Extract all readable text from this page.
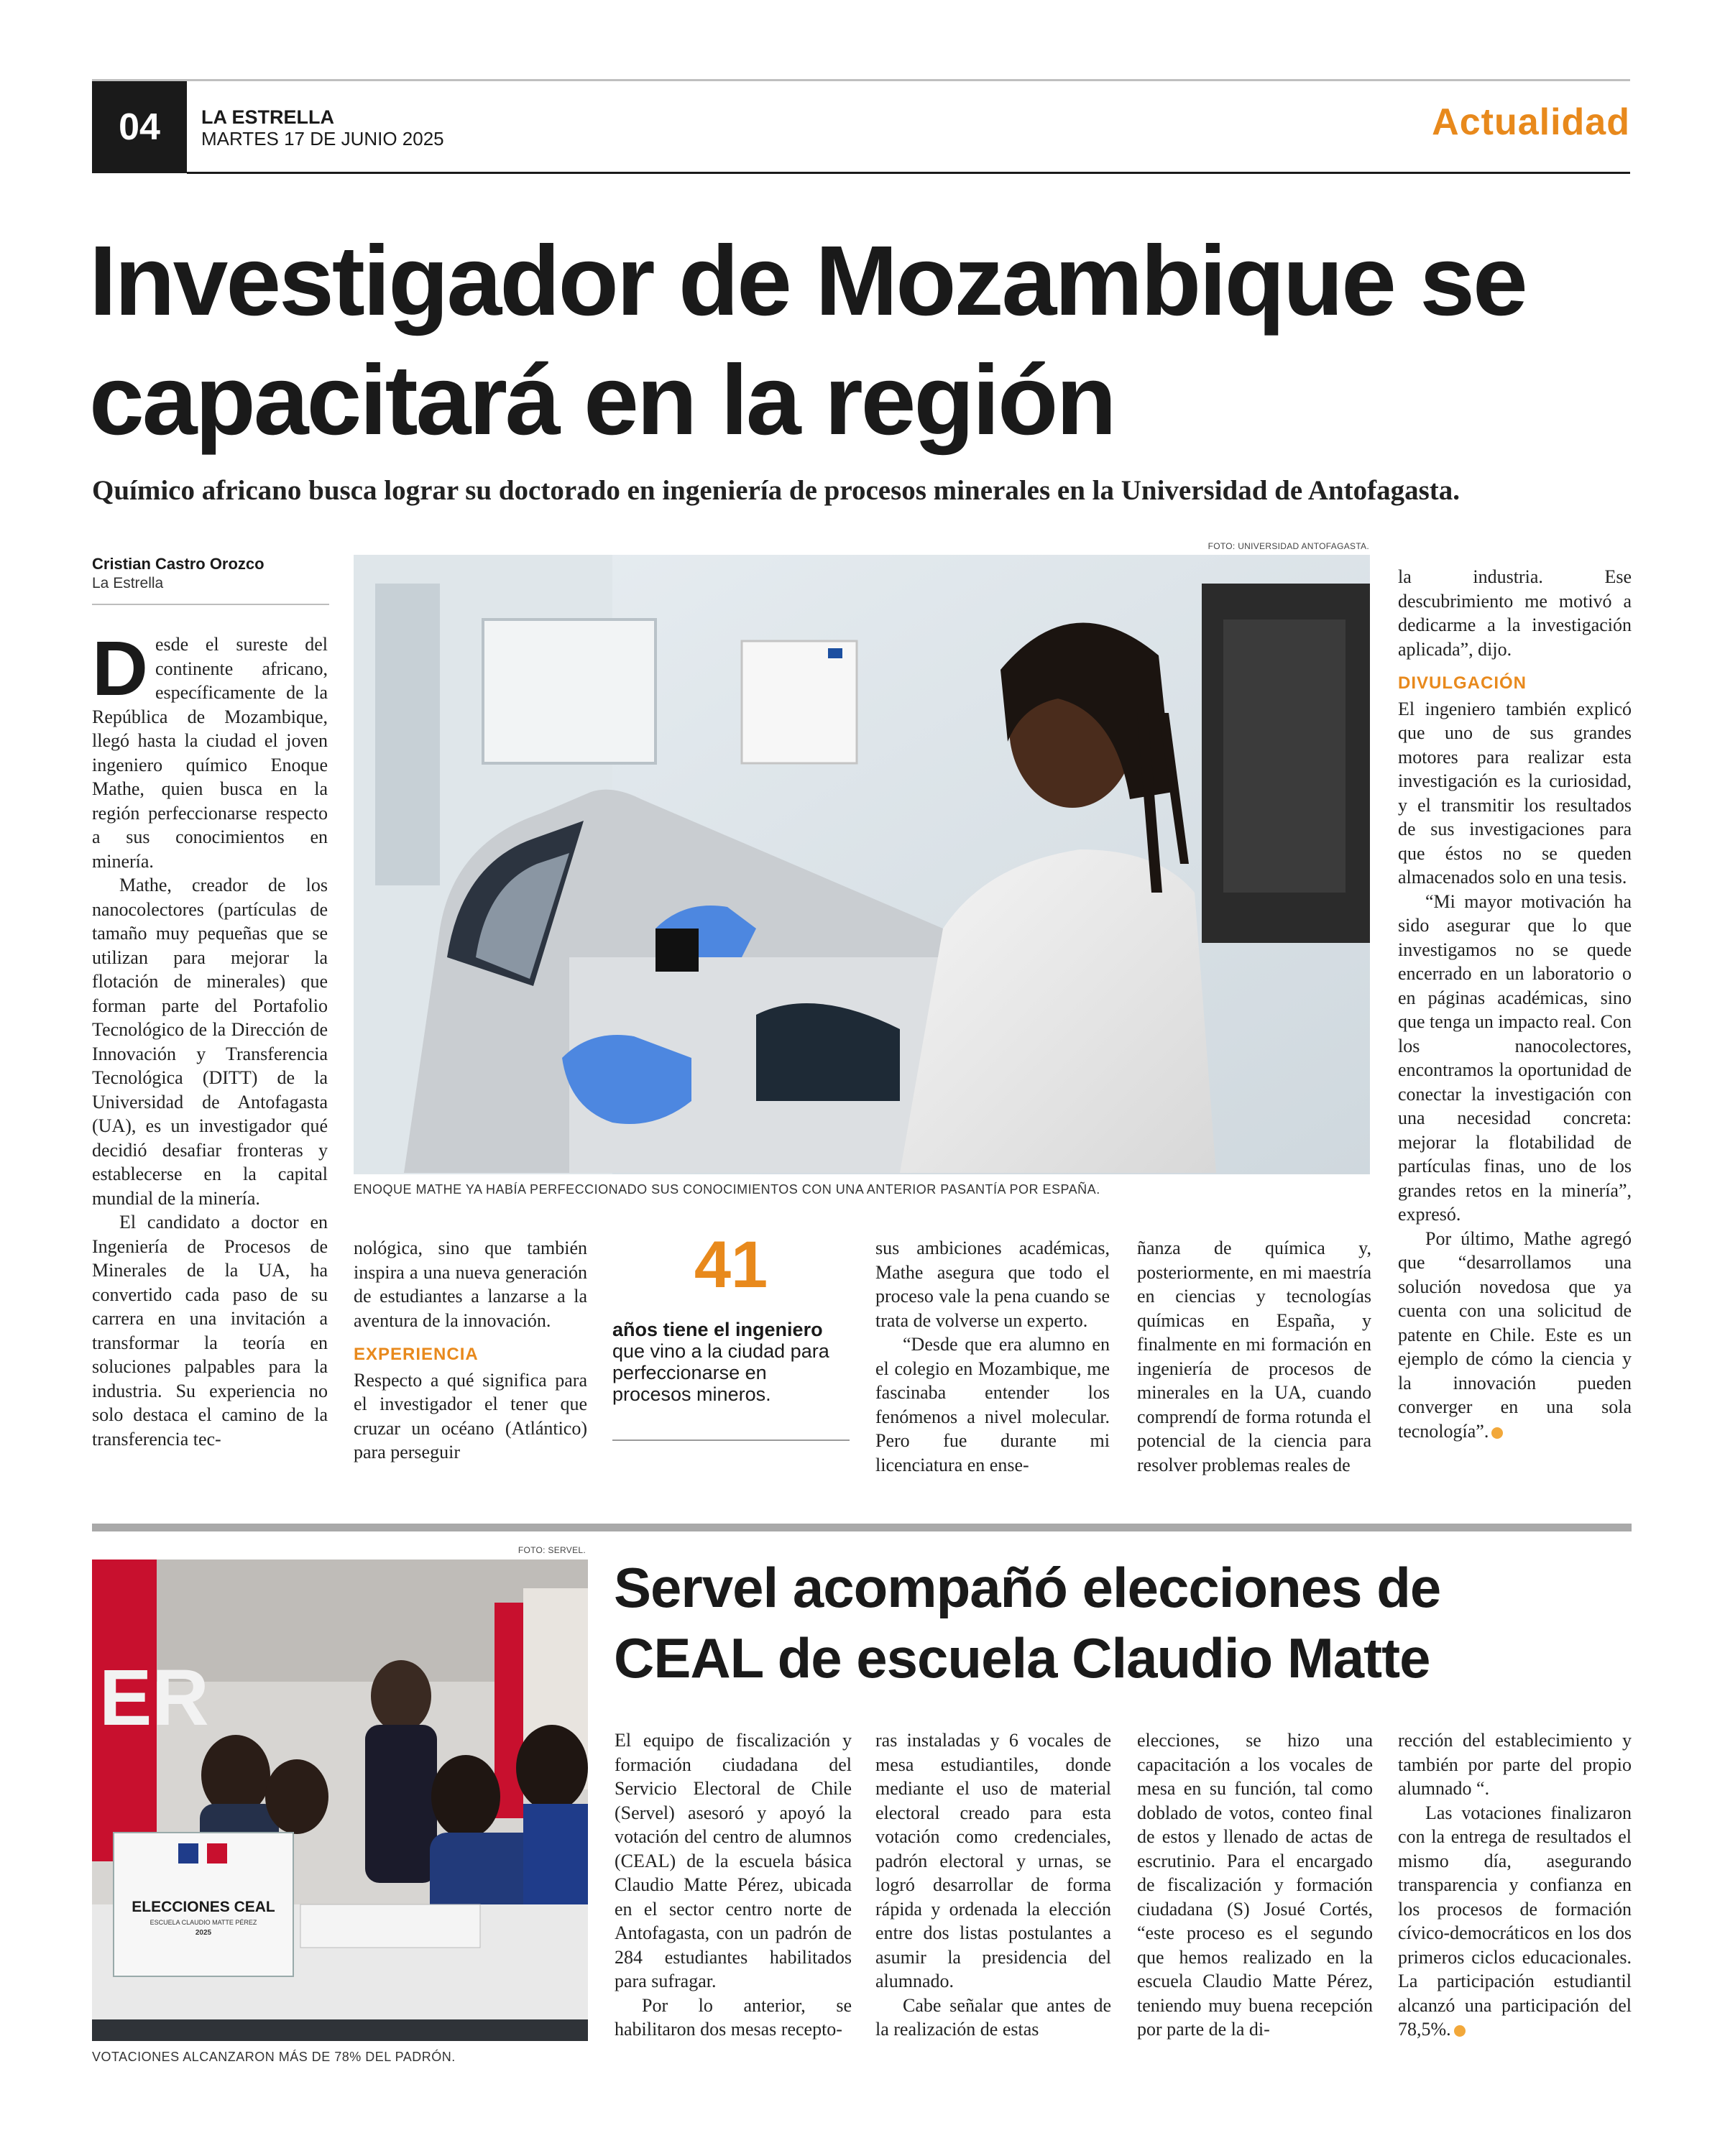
04	LA ESTRELLA
MARTES 17 DE JUNIO 2025	Actualidad
Investigador de Mozambique se
capacitará en la región
Químico africano busca lograr su doctorado en ingeniería de procesos minerales en la Universidad de Antofagasta.
Cristian Castro Orozco
La Estrella
FOTO: UNIVERSIDAD ANTOFAGASTA.
ENOQUE MATHE YA HABÍA PERFECCIONADO SUS CONOCIMIENTOS CON UNA ANTERIOR PASANTÍA POR ESPAÑA.

Desde el sureste del continente africano, específicamente de la República de Mozambique, llegó hasta la ciudad el joven ingeniero químico Enoque Mathe, quien busca en la región perfeccionarse respecto a sus conocimientos en minería.

Mathe, creador de los nanocolectores (partículas de tamaño muy pequeñas que se utilizan para mejorar la flotación de minerales) que forman parte del Portafolio Tecnológico de la Dirección de Innovación y Transferencia Tecnológica (DITT) de la Universidad de Antofagasta (UA), es un investigador qué decidió desafiar fronteras y establecerse en la capital mundial de la minería.

El candidato a doctor en Ingeniería de Procesos de Minerales de la UA, ha convertido cada paso de su carrera en una invitación a transformar la teoría en soluciones palpables para la industria. Su experiencia no solo destaca el camino de la transferencia tec-

nológica, sino que también inspira a una nueva generación de estudiantes a lanzarse a la aventura de la innovación.

EXPERIENCIA

Respecto a qué significa para el investigador el tener que cruzar un océano (Atlántico) para perseguir

41
años tiene el ingeniero
que vino a la ciudad para perfeccionarse en procesos mineros.

sus ambiciones académicas, Mathe asegura que todo el proceso vale la pena cuando se trata de volverse un experto.

“Desde que era alumno en el colegio en Mozambique, me fascinaba entender los fenómenos a nivel molecular. Pero fue durante mi licenciatura en ense-

ñanza de química y, posteriormente, en mi maestría en ciencias y tecnologías químicas en España, y finalmente en mi formación en ingeniería de procesos de minerales en la UA, cuando comprendí de forma rotunda el potencial de la ciencia para resolver problemas reales de

la industria. Ese descubrimiento me motivó a dedicarme a la investigación aplicada”, dijo.

DIVULGACIÓN

El ingeniero también explicó que uno de sus grandes motores para realizar esta investigación es la curiosidad, y el transmitir los resultados de sus investigaciones para que éstos no se queden almacenados solo en una tesis.

“Mi mayor motivación ha sido asegurar que lo que investigamos no se quede encerrado en un laboratorio o en páginas académicas, sino que tenga un impacto real. Con los nanocolectores, encontramos la oportunidad de conectar la investigación con una necesidad concreta: mejorar la flotabilidad de partículas finas, uno de los grandes retos en la minería”, expresó.

Por último, Mathe agregó que “desarrollamos una solución novedosa que ya cuenta con una solicitud de patente en Chile. Este es un ejemplo de cómo la ciencia y la innovación pueden converger en una sola tecnología”.

FOTO: SERVEL.
ER
ELECCIONES CEAL
ESCUELA CLAUDIO MATTE PÉREZ
2025
VOTACIONES ALCANZARON MÁS DE 78% DEL PADRÓN.
Servel acompañó elecciones de
CEAL de escuela Claudio Matte

El equipo de fiscalización y formación ciudadana del Servicio Electoral de Chile (Servel) asesoró y apoyó la votación del centro de alumnos (CEAL) de la escuela básica Claudio Matte Pérez, ubicada en el sector centro norte de Antofagasta, con un padrón de 284 estudiantes habilitados para sufragar.

Por lo anterior, se habilitaron dos mesas recepto-

ras instaladas y 6 vocales de mesa estudiantiles, donde mediante el uso de material electoral creado para esta votación como credenciales, padrón electoral y urnas, se logró desarrollar de forma rápida y ordenada la elección entre dos listas postulantes a asumir la presidencia del alumnado.

Cabe señalar que antes de la realización de estas

elecciones, se hizo una capacitación a los vocales de mesa en su función, tal como doblado de votos, conteo final de estos y llenado de actas de escrutinio. Para el encargado de fiscalización y formación ciudadana (S) Josué Cortés, “este proceso es el segundo que hemos realizado en la escuela Claudio Matte Pérez, teniendo muy buena recepción por parte de la di-

rección del establecimiento y también por parte del propio alumnado “.

Las votaciones finalizaron con la entrega de resultados el mismo día, asegurando transparencia y confianza en los procesos de formación cívico-democráticos en los dos primeros ciclos educacionales. La participación estudiantil alcanzó una participación del 78,5%.
